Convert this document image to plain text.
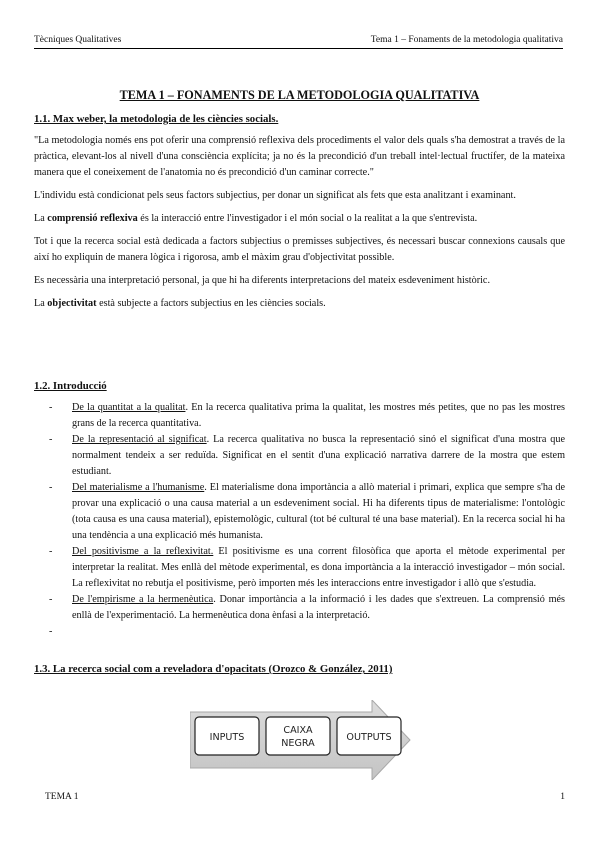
Tècniques Qualitatives	Tema 1 – Fonaments de la metodologia qualitativa
TEMA 1 – FONAMENTS DE LA METODOLOGIA QUALITATIVA
1.1. Max weber, la metodologia de les ciències socials.

"La metodologia només ens pot oferir una comprensió reflexiva dels procediments el valor dels quals s'ha demostrat a través de la pràctica, elevant-los al nivell d'una consciència explícita; ja no és la precondició d'un treball intel·lectual fructífer, de la mateixa manera que el coneixement de l'anatomia no és precondició d'un caminar correcte."

L'individu està condicionat pels seus factors subjectius, per donar un significat als fets que esta analitzant i examinant.

La comprensió reflexiva és la interacció entre l'investigador i el món social o la realitat a la que s'entrevista.

Tot i que la recerca social està dedicada a factors subjectius o premisses subjectives, és necessari buscar connexions causals que així ho expliquin de manera lògica i rigorosa, amb el màxim grau d'objectivitat possible.

Es necessària una interpretació personal, ja que hi ha diferents interpretacions del mateix esdeveniment històric.

La objectivitat està subjecte a factors subjectius en les ciències socials.

1.2. Introducció
- De la quantitat a la qualitat. En la recerca qualitativa prima la qualitat, les mostres més petites, que no pas les mostres grans de la recerca quantitativa.
- De la representació al significat. La recerca qualitativa no busca la representació sinó el significat d'una mostra que normalment tendeix a ser reduïda. Significat en el sentit d'una explicació narrativa darrere de la mostra que estem estudiant.
- Del materialisme a l'humanisme. El materialisme dona importància a allò material i primari, explica que sempre s'ha de provar una explicació o una causa material a un esdeveniment social. Hi ha diferents tipus de materialisme: l'ontològic (tota causa es una causa material), epistemològic, cultural (tot bé cultural té una base material). En la recerca social hi ha una tendència a una explicació més humanista.
- Del positivisme a la reflexivitat. El positivisme es una corrent filosòfica que aporta el mètode experimental per interpretar la realitat. Mes enllà del mètode experimental, es dona importància a la interacció investigador – món social. La reflexivitat no rebutja el positivisme, però importen més les interaccions entre investigador i allò que s'estudia.
- De l'empirisme a la hermenèutica. Donar importància a la informació i les dades que s'extreuen. La comprensió més enllà de l'experimentació. La hermenèutica dona ènfasi a la interpretació.
-

1.3. La recerca social com a reveladora d'opacitats (Orozco & González, 2011)
INPUTS
CAIXA
NEGRA
OUTPUTS
TEMA 1	1
